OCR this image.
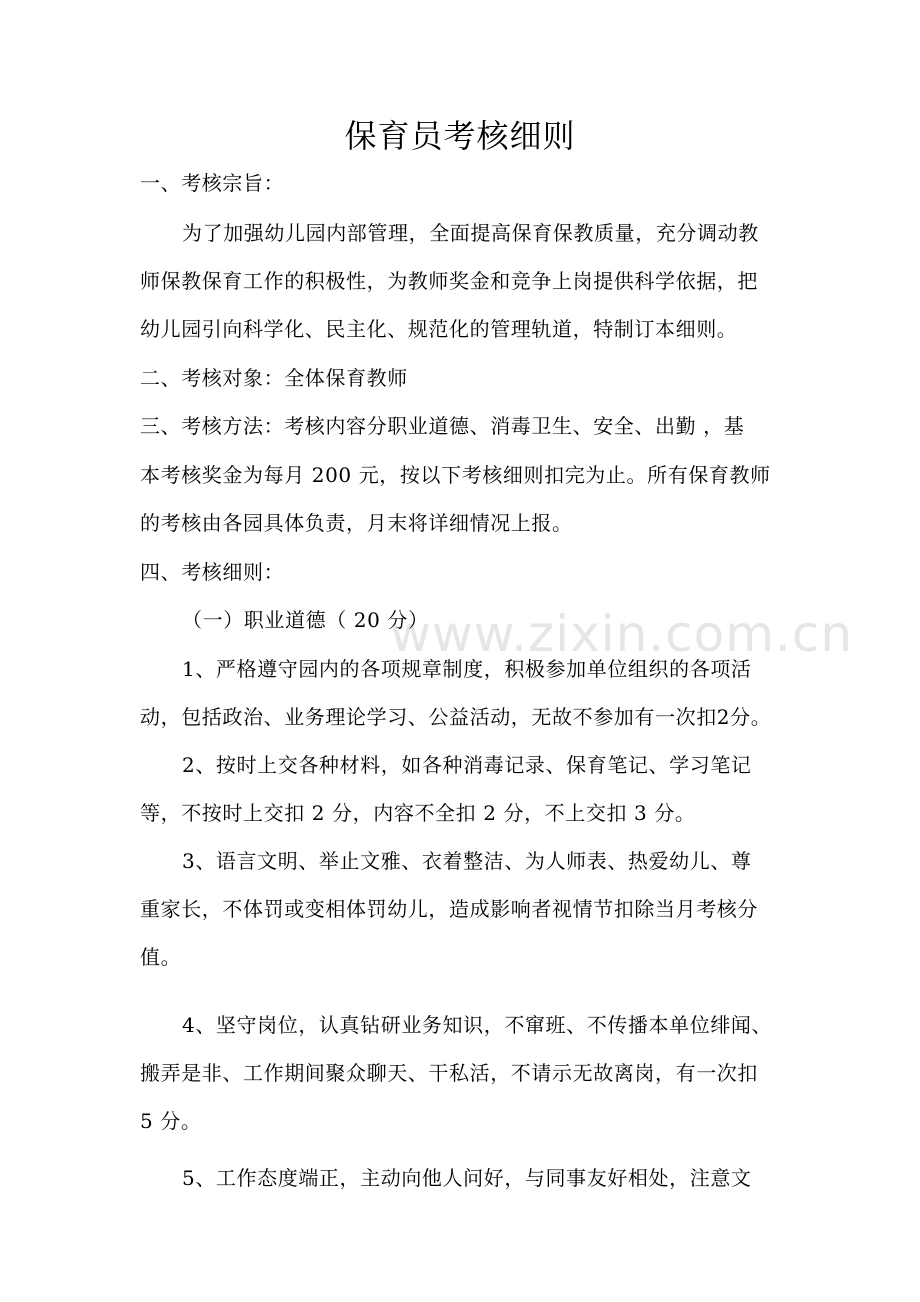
www.zixin.com.cn
保育员考核细则
一、考核宗旨：
为了加强幼儿园内部管理，全面提高保育保教质量，充分调动教
师保教保育工作的积极性，为教师奖金和竞争上岗提供科学依据，把
幼儿园引向科学化、民主化、规范化的管理轨道，特制订本细则。
二、考核对象：全体保育教师
三、考核方法：考核内容分职业道德、消毒卫生、安全、出勤 ，基
本考核奖金为每月 200 元，按以下考核细则扣完为止。所有保育教师
的考核由各园具体负责，月末将详细情况上报。
四、考核细则：
（一）职业道德（ 20 分）
1、严格遵守园内的各项规章制度，积极参加单位组织的各项活
动，包括政治、业务理论学习、公益活动，无故不参加有一次扣2分。
2、按时上交各种材料，如各种消毒记录、保育笔记、学习笔记
等，不按时上交扣 2 分，内容不全扣 2 分，不上交扣 3 分。
3、语言文明、举止文雅、衣着整洁、为人师表、热爱幼儿、尊
重家长，不体罚或变相体罚幼儿，造成影响者视情节扣除当月考核分
值。
4、坚守岗位，认真钻研业务知识，不窜班、不传播本单位绯闻、
搬弄是非、工作期间聚众聊天、干私活，不请示无故离岗，有一次扣
5 分。
5、工作态度端正，主动向他人问好，与同事友好相处，注意文
